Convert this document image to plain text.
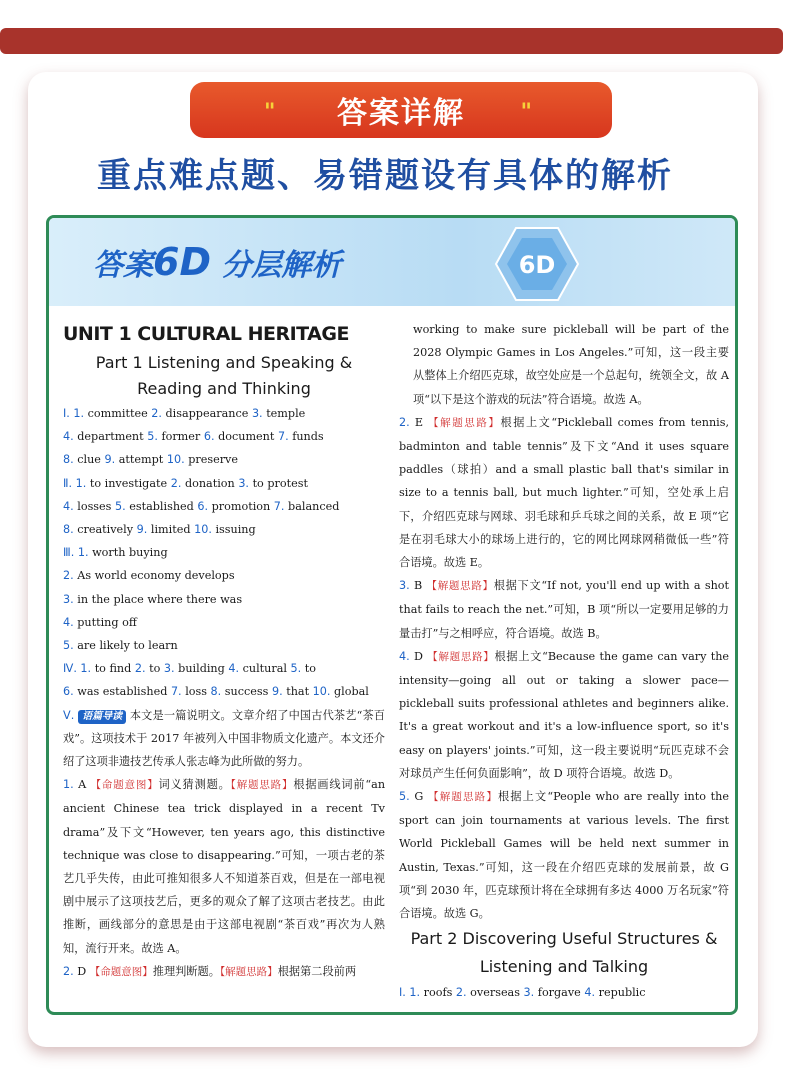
" 答案详解	"
重点难点题、易错题设有具体的解析
答案6D 分层解析	6D
UNIT 1 CULTURAL HERITAGE
Part 1 Listening and Speaking &
Reading and Thinking
Ⅰ. 1. committee 2. disappearance 3. temple
4. department 5. former 6. document 7. funds
8. clue 9. attempt 10. preserve
Ⅱ. 1. to investigate 2. donation 3. to protest
4. losses 5. established 6. promotion 7. balanced
8. creatively 9. limited 10. issuing
Ⅲ. 1. worth buying
2. As world economy develops
3. in the place where there was
4. putting off
5. are likely to learn
Ⅳ. 1. to find 2. to 3. building 4. cultural 5. to
6. was established 7. loss 8. success 9. that 10. global
Ⅴ. 语篇导读 本文是一篇说明文。文章介绍了中国古代茶艺“茶百戏”。这项技术于 2017 年被列入中国非物质文化遗产。本文还介绍了这项非遗技艺传承人张志峰为此所做的努力。
1. A 【命题意图】词义猜测题。【解题思路】根据画线词前“an ancient Chinese tea trick displayed in a recent Tv drama”及下文“However, ten years ago, this distinctive technique was close to disappearing.”可知，一项古老的茶艺几乎失传，由此可推知很多人不知道茶百戏，但是在一部电视剧中展示了这项技艺后，更多的观众了解了这项古老技艺。由此推断，画线部分的意思是由于这部电视剧“茶百戏”再次为人熟知，流行开来。故选 A。
2. D 【命题意图】推理判断题。【解题思路】根据第二段前两
working to make sure pickleball will be part of the 2028 Olympic Games in Los Angeles.”可知，这一段主要从整体上介绍匹克球，故空处应是一个总起句，统领全文，故 A 项“以下是这个游戏的玩法”符合语境。故选 A。
2. E 【解题思路】根据上文“Pickleball comes from tennis, badminton and table tennis”及下文“And it uses square paddles（球拍）and a small plastic ball that's similar in size to a tennis ball, but much lighter.”可知，空处承上启下，介绍匹克球与网球、羽毛球和乒乓球之间的关系，故 E 项“它是在羽毛球大小的球场上进行的，它的网比网球网稍微低一些”符合语境。故选 E。
3. B 【解题思路】根据下文“If not, you'll end up with a shot that fails to reach the net.”可知，B 项“所以一定要用足够的力量击打”与之相呼应，符合语境。故选 B。
4. D 【解题思路】根据上文“Because the game can vary the intensity—going all out or taking a slower pace—pickleball suits professional athletes and beginners alike. It's a great workout and it's a low-influence sport, so it's easy on players' joints.”可知，这一段主要说明“玩匹克球不会对球员产生任何负面影响”，故 D 项符合语境。故选 D。
5. G 【解题思路】根据上文“People who are really into the sport can join tournaments at various levels. The first World Pickleball Games will be held next summer in Austin, Texas.”可知，这一段在介绍匹克球的发展前景，故 G 项“到 2030 年，匹克球预计将在全球拥有多达 4000 万名玩家”符合语境。故选 G。
Part 2 Discovering Useful Structures &
Listening and Talking
Ⅰ. 1. roofs 2. overseas 3. forgave 4. republic
